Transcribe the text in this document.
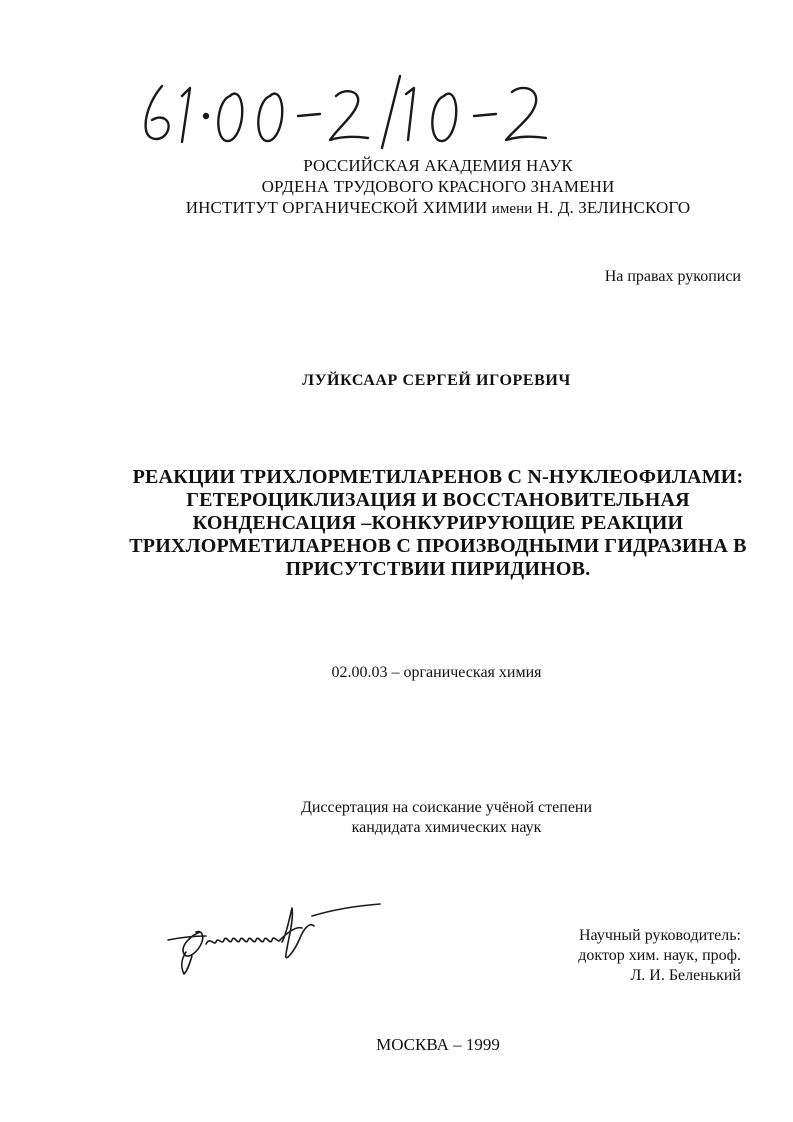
РОССИЙСКАЯ АКАДЕМИЯ НАУК
ОРДЕНА ТРУДОВОГО КРАСНОГО ЗНАМЕНИ
ИНСТИТУТ ОРГАНИЧЕСКОЙ ХИМИИ имени Н. Д. ЗЕЛИНСКОГО
На правах рукописи
ЛУЙКСААР СЕРГЕЙ ИГОРЕВИЧ
РЕАКЦИИ ТРИХЛОРМЕТИЛАРЕНОВ С N-НУКЛЕОФИЛАМИ:
ГЕТЕРОЦИКЛИЗАЦИЯ И ВОССТАНОВИТЕЛЬНАЯ
КОНДЕНСАЦИЯ –КОНКУРИРУЮЩИЕ РЕАКЦИИ
ТРИХЛОРМЕТИЛАРЕНОВ С ПРОИЗВОДНЫМИ ГИДРАЗИНА В
ПРИСУТСТВИИ ПИРИДИНОВ.
02.00.03 – органическая химия
Диссертация на соискание учёной степени
кандидата химических наук
Научный руководитель:
доктор хим. наук, проф.
Л. И. Беленький
МОСКВА – 1999
